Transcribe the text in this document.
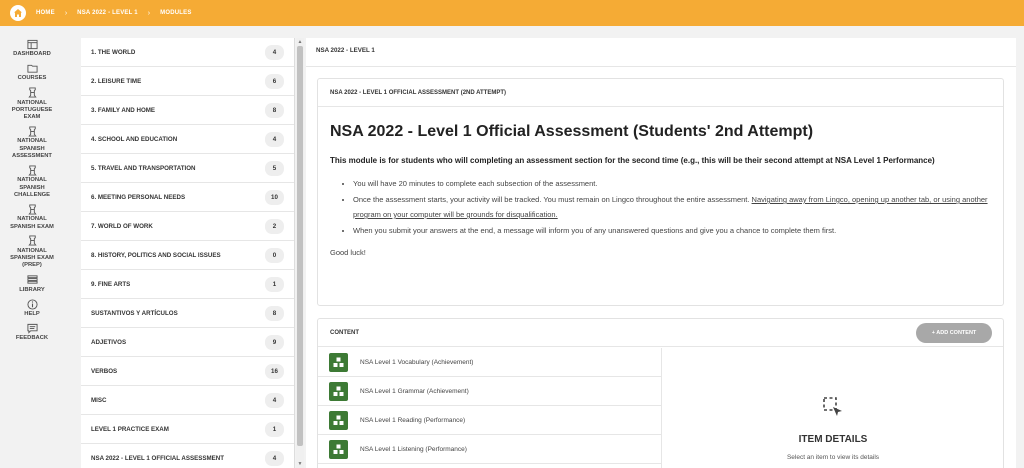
HOME › NSA 2022 - LEVEL 1 › MODULES
DASHBOARD
COURSES
NATIONAL PORTUGUESE EXAM
NATIONAL SPANISH ASSESSMENT
NATIONAL SPANISH CHALLENGE
NATIONAL SPANISH EXAM
NATIONAL SPANISH EXAM (PREP)
LIBRARY
HELP
FEEDBACK
1. THE WORLD	4
2. LEISURE TIME	6
3. FAMILY AND HOME	8
4. SCHOOL AND EDUCATION	4
5. TRAVEL AND TRANSPORTATION	5
6. MEETING PERSONAL NEEDS	10
7. WORLD OF WORK	2
8. HISTORY, POLITICS AND SOCIAL ISSUES	0
9. FINE ARTS	1
SUSTANTIVOS Y ARTÍCULOS	8
ADJETIVOS	9
VERBOS	16
MISC	4
LEVEL 1 PRACTICE EXAM	1
NSA 2022 - LEVEL 1 OFFICIAL ASSESSMENT	4
▲
▼
NSA 2022 - LEVEL 1
NSA 2022 - LEVEL 1 OFFICIAL ASSESSMENT (2ND ATTEMPT)
NSA 2022 - Level 1 Official Assessment (Students' 2nd Attempt)
This module is for students who will completing an assessment section for the second time (e.g., this will be their second attempt at NSA Level 1 Performance)
• You will have 20 minutes to complete each subsection of the assessment.
• Once the assessment starts, your activity will be tracked. You must remain on Lingco throughout the entire assessment. Navigating away from Lingco, opening up another tab, or using another program on your computer will be grounds for disqualification.
• When you submit your answers at the end, a message will inform you of any unanswered questions and give you a chance to complete them first.
Good luck!
CONTENT	+ ADD CONTENT
NSA Level 1 Vocabulary (Achievement)
NSA Level 1 Grammar (Achievement)
NSA Level 1 Reading (Performance)
NSA Level 1 Listening (Performance)
ITEM DETAILS
Select an item to view its details
